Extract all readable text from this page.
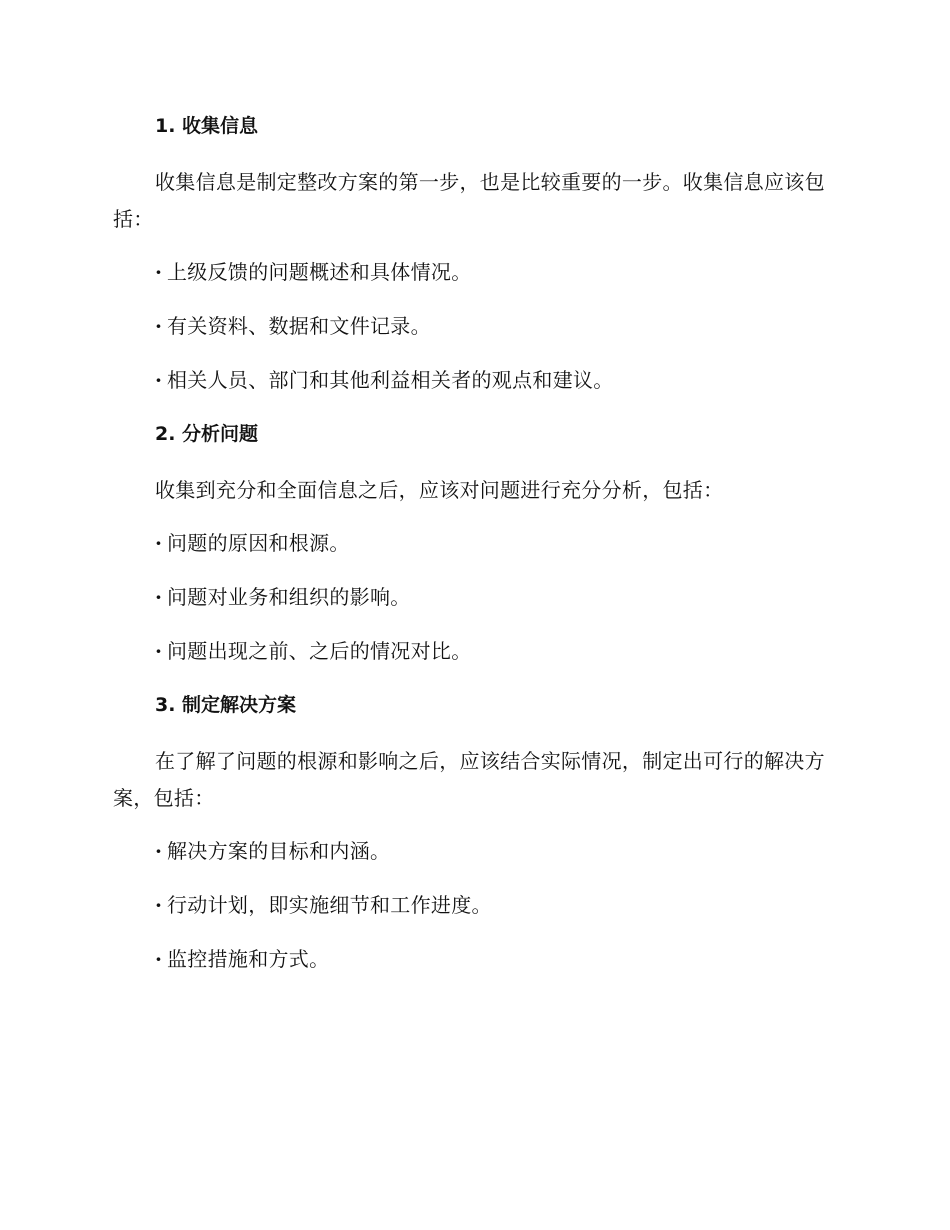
1. 收集信息
收集信息是制定整改方案的第一步，也是比较重要的一步。收集信息应该包括：
· 上级反馈的问题概述和具体情况。
· 有关资料、数据和文件记录。
· 相关人员、部门和其他利益相关者的观点和建议。
2. 分析问题
收集到充分和全面信息之后，应该对问题进行充分分析，包括：
· 问题的原因和根源。
· 问题对业务和组织的影响。
· 问题出现之前、之后的情况对比。
3. 制定解决方案
在了解了问题的根源和影响之后，应该结合实际情况，制定出可行的解决方案，包括：
· 解决方案的目标和内涵。
· 行动计划，即实施细节和工作进度。
· 监控措施和方式。
